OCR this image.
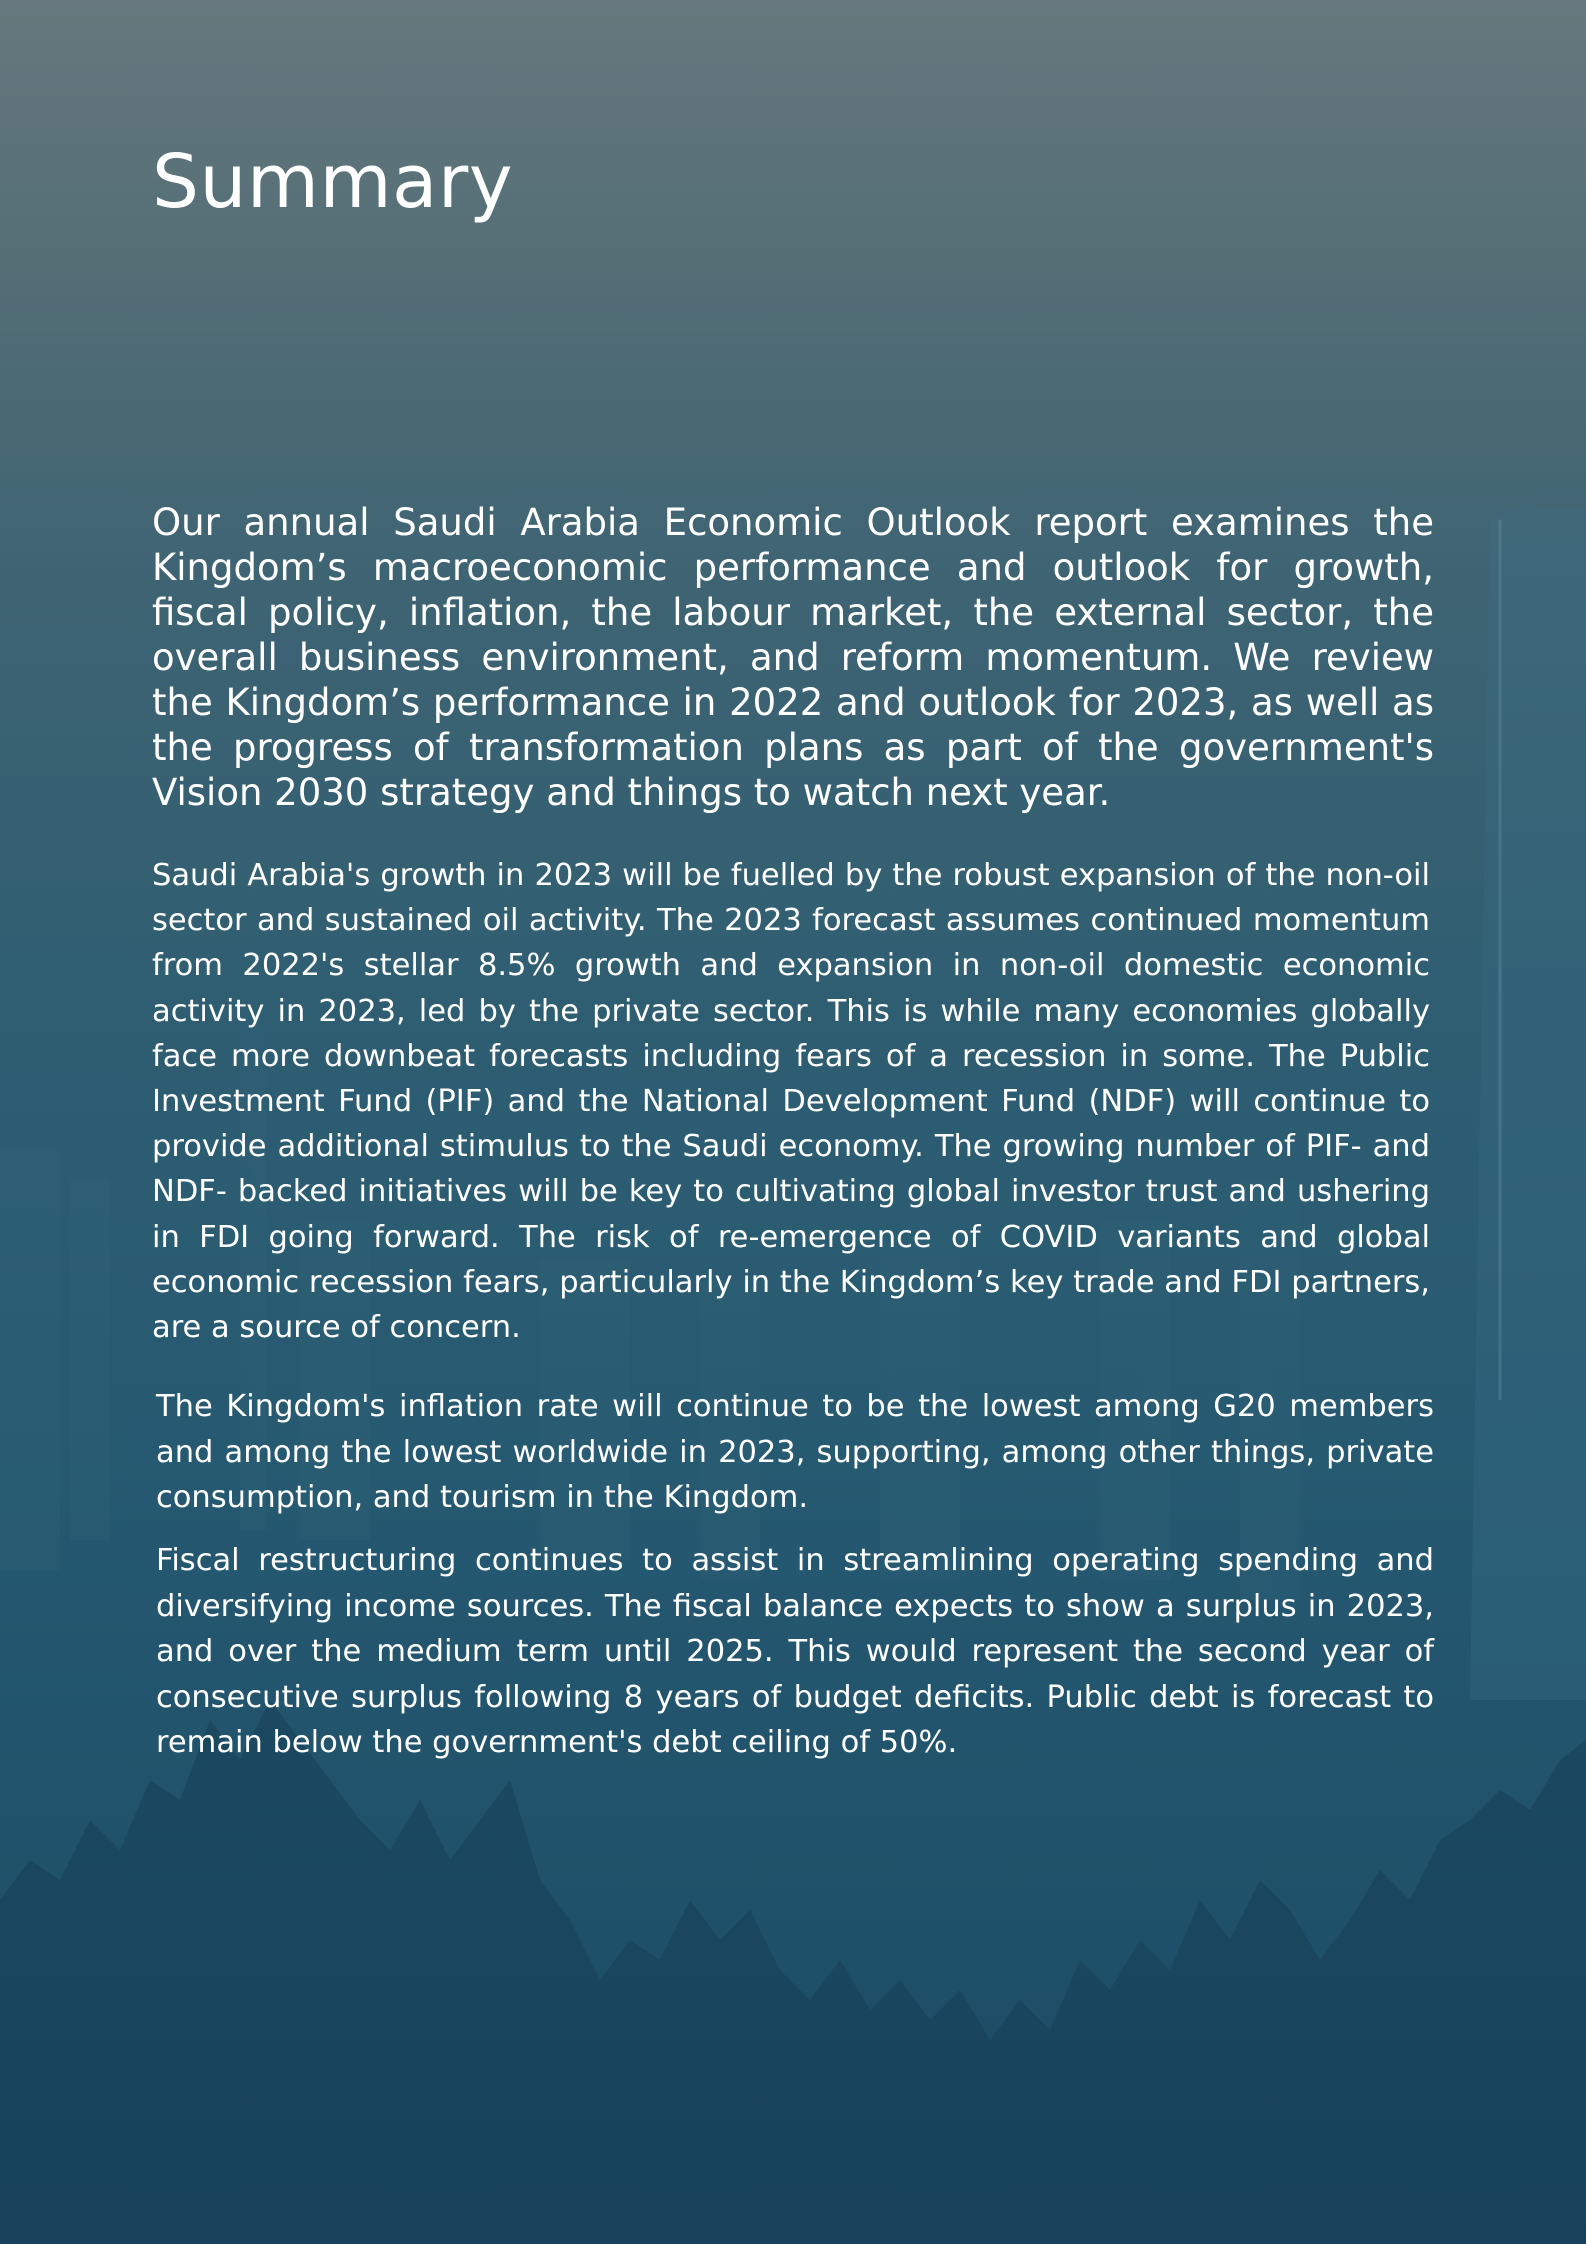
Summary

Our annual Saudi Arabia Economic Outlook report examines the Kingdom’s macroeconomic performance and outlook for growth, fiscal policy, inflation, the labour market, the external sector, the overall business environment, and reform momentum. We review the Kingdom’s performance in 2022 and outlook for 2023, as well as the progress of transformation plans as part of the government's Vision 2030 strategy and things to watch next year.

Saudi Arabia's growth in 2023 will be fuelled by the robust expansion of the non-oil sector and sustained oil activity. The 2023 forecast assumes continued momentum from 2022's stellar 8.5% growth and expansion in non-oil domestic economic activity in 2023, led by the private sector. This is while many economies globally face more downbeat forecasts including fears of a recession in some. The Public Investment Fund (PIF) and the National Development Fund (NDF) will continue to provide additional stimulus to the Saudi economy. The growing number of PIF- and NDF- backed initiatives will be key to cultivating global investor trust and ushering in FDI going forward. The risk of re-emergence of COVID variants and global economic recession fears, particularly in the Kingdom’s key trade and FDI partners, are a source of concern.

The Kingdom's inflation rate will continue to be the lowest among G20 members and among the lowest worldwide in 2023, supporting, among other things, private consumption, and tourism in the Kingdom.

Fiscal restructuring continues to assist in streamlining operating spending and diversifying income sources. The fiscal balance expects to show a surplus in 2023, and over the medium term until 2025. This would represent the second year of consecutive surplus following 8 years of budget deficits. Public debt is forecast to remain below the government's debt ceiling of 50%.
